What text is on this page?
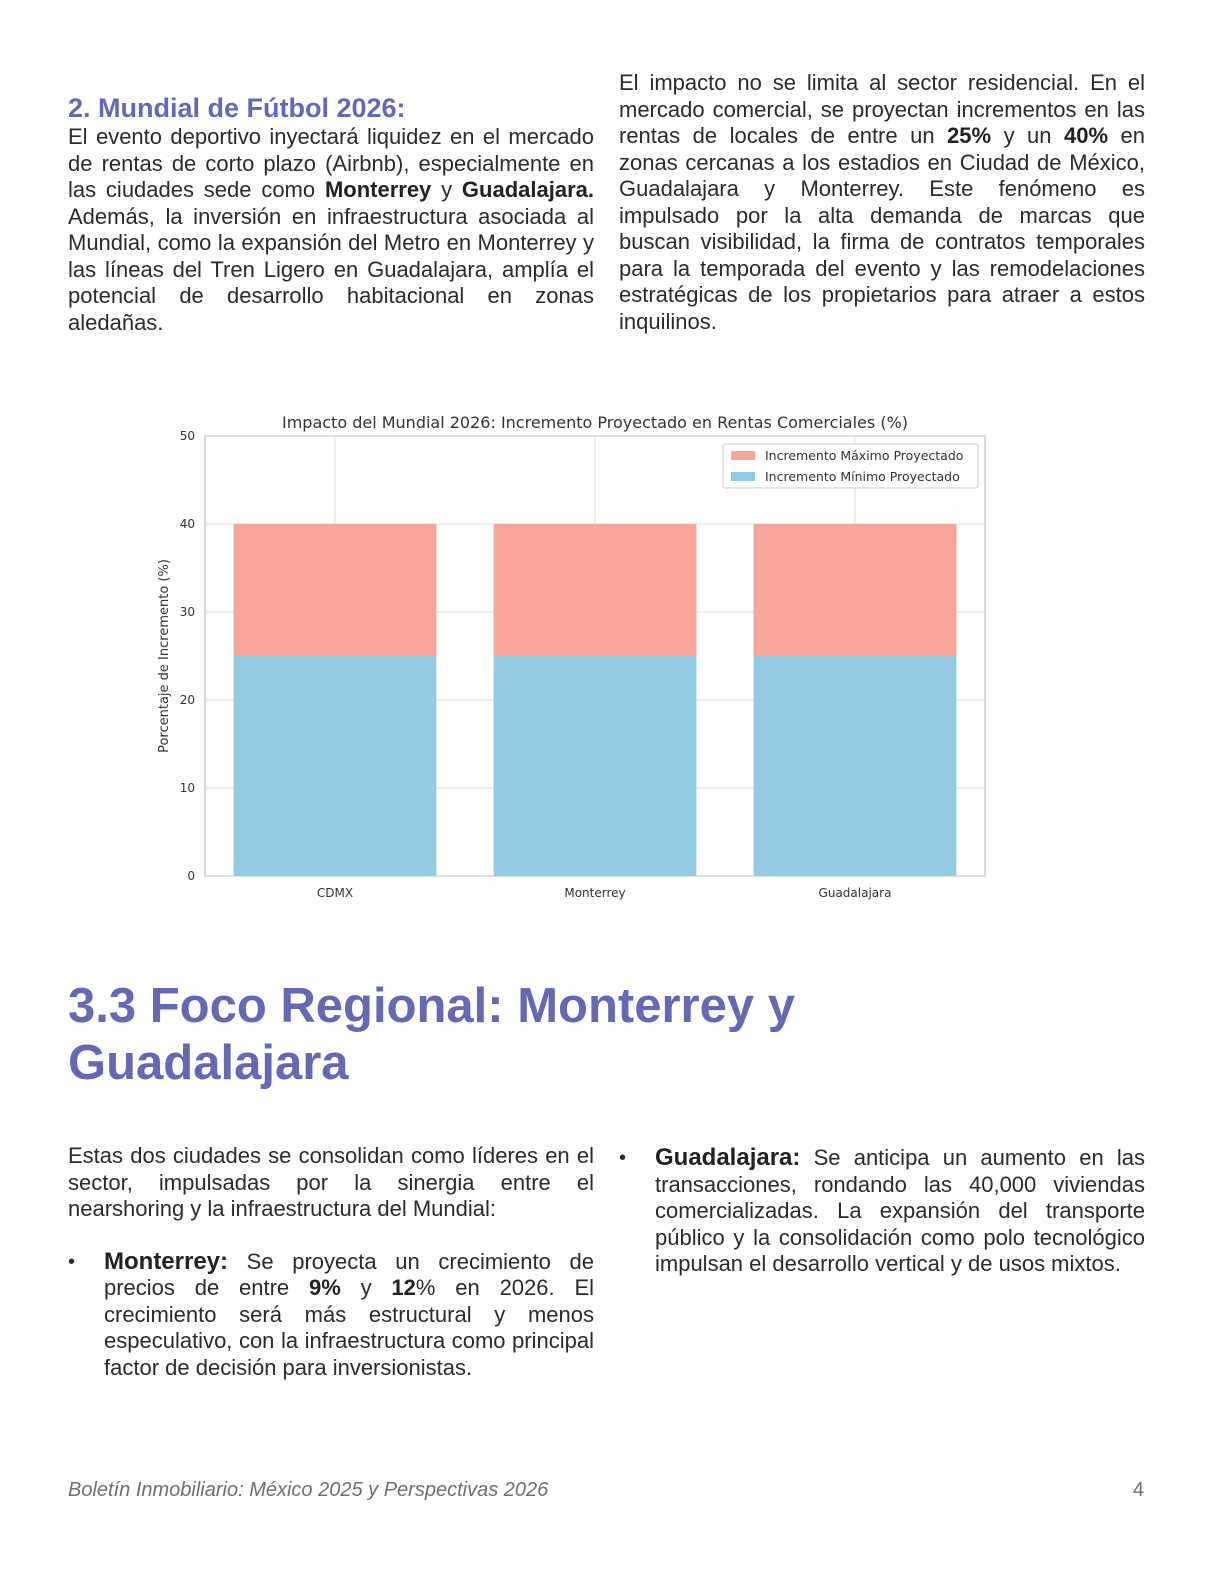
2. Mundial de Fútbol 2026:

El evento deportivo inyectará liquidez en el mercado de rentas de corto plazo (Airbnb), especialmente en las ciudades sede como Monterrey y Guadalajara. Además, la inversión en infraestructura asociada al Mundial, como la expansión del Metro en Monterrey y las líneas del Tren Ligero en Guadalajara, amplía el potencial de desarrollo habitacional en zonas aledañas.

El impacto no se limita al sector residencial. En el mercado comercial, se proyectan incrementos en las rentas de locales de entre un 25% y un 40% en zonas cercanas a los estadios en Ciudad de México, Guadalajara y Monterrey. Este fenómeno es impulsado por la alta demanda de marcas que buscan visibilidad, la firma de contratos temporales para la temporada del evento y las remodelaciones estratégicas de los propietarios para atraer a estos inquilinos.

Impacto del Mundial 2026: Incremento Proyectado en Rentas Comerciales (%)
Porcentaje de Incremento (%)
0
10
20
30
40
50
CDMX	Monterrey	Guadalajara
Incremento Máximo Proyectado
Incremento Mínimo Proyectado
3.3 Foco Regional: Monterrey y Guadalajara

Estas dos ciudades se consolidan como líderes en el sector, impulsadas por la sinergia entre el nearshoring y la infraestructura del Mundial:

• Monterrey: Se proyecta un crecimiento de precios de entre 9% y 12% en 2026. El crecimiento será más estructural y menos especulativo, con la infraestructura como principal factor de decisión para inversionistas.

• Guadalajara: Se anticipa un aumento en las transacciones, rondando las 40,000 viviendas comercializadas. La expansión del transporte público y la consolidación como polo tecnológico impulsan el desarrollo vertical y de usos mixtos.

Boletín Inmobiliario: México 2025 y Perspectivas 2026	4
